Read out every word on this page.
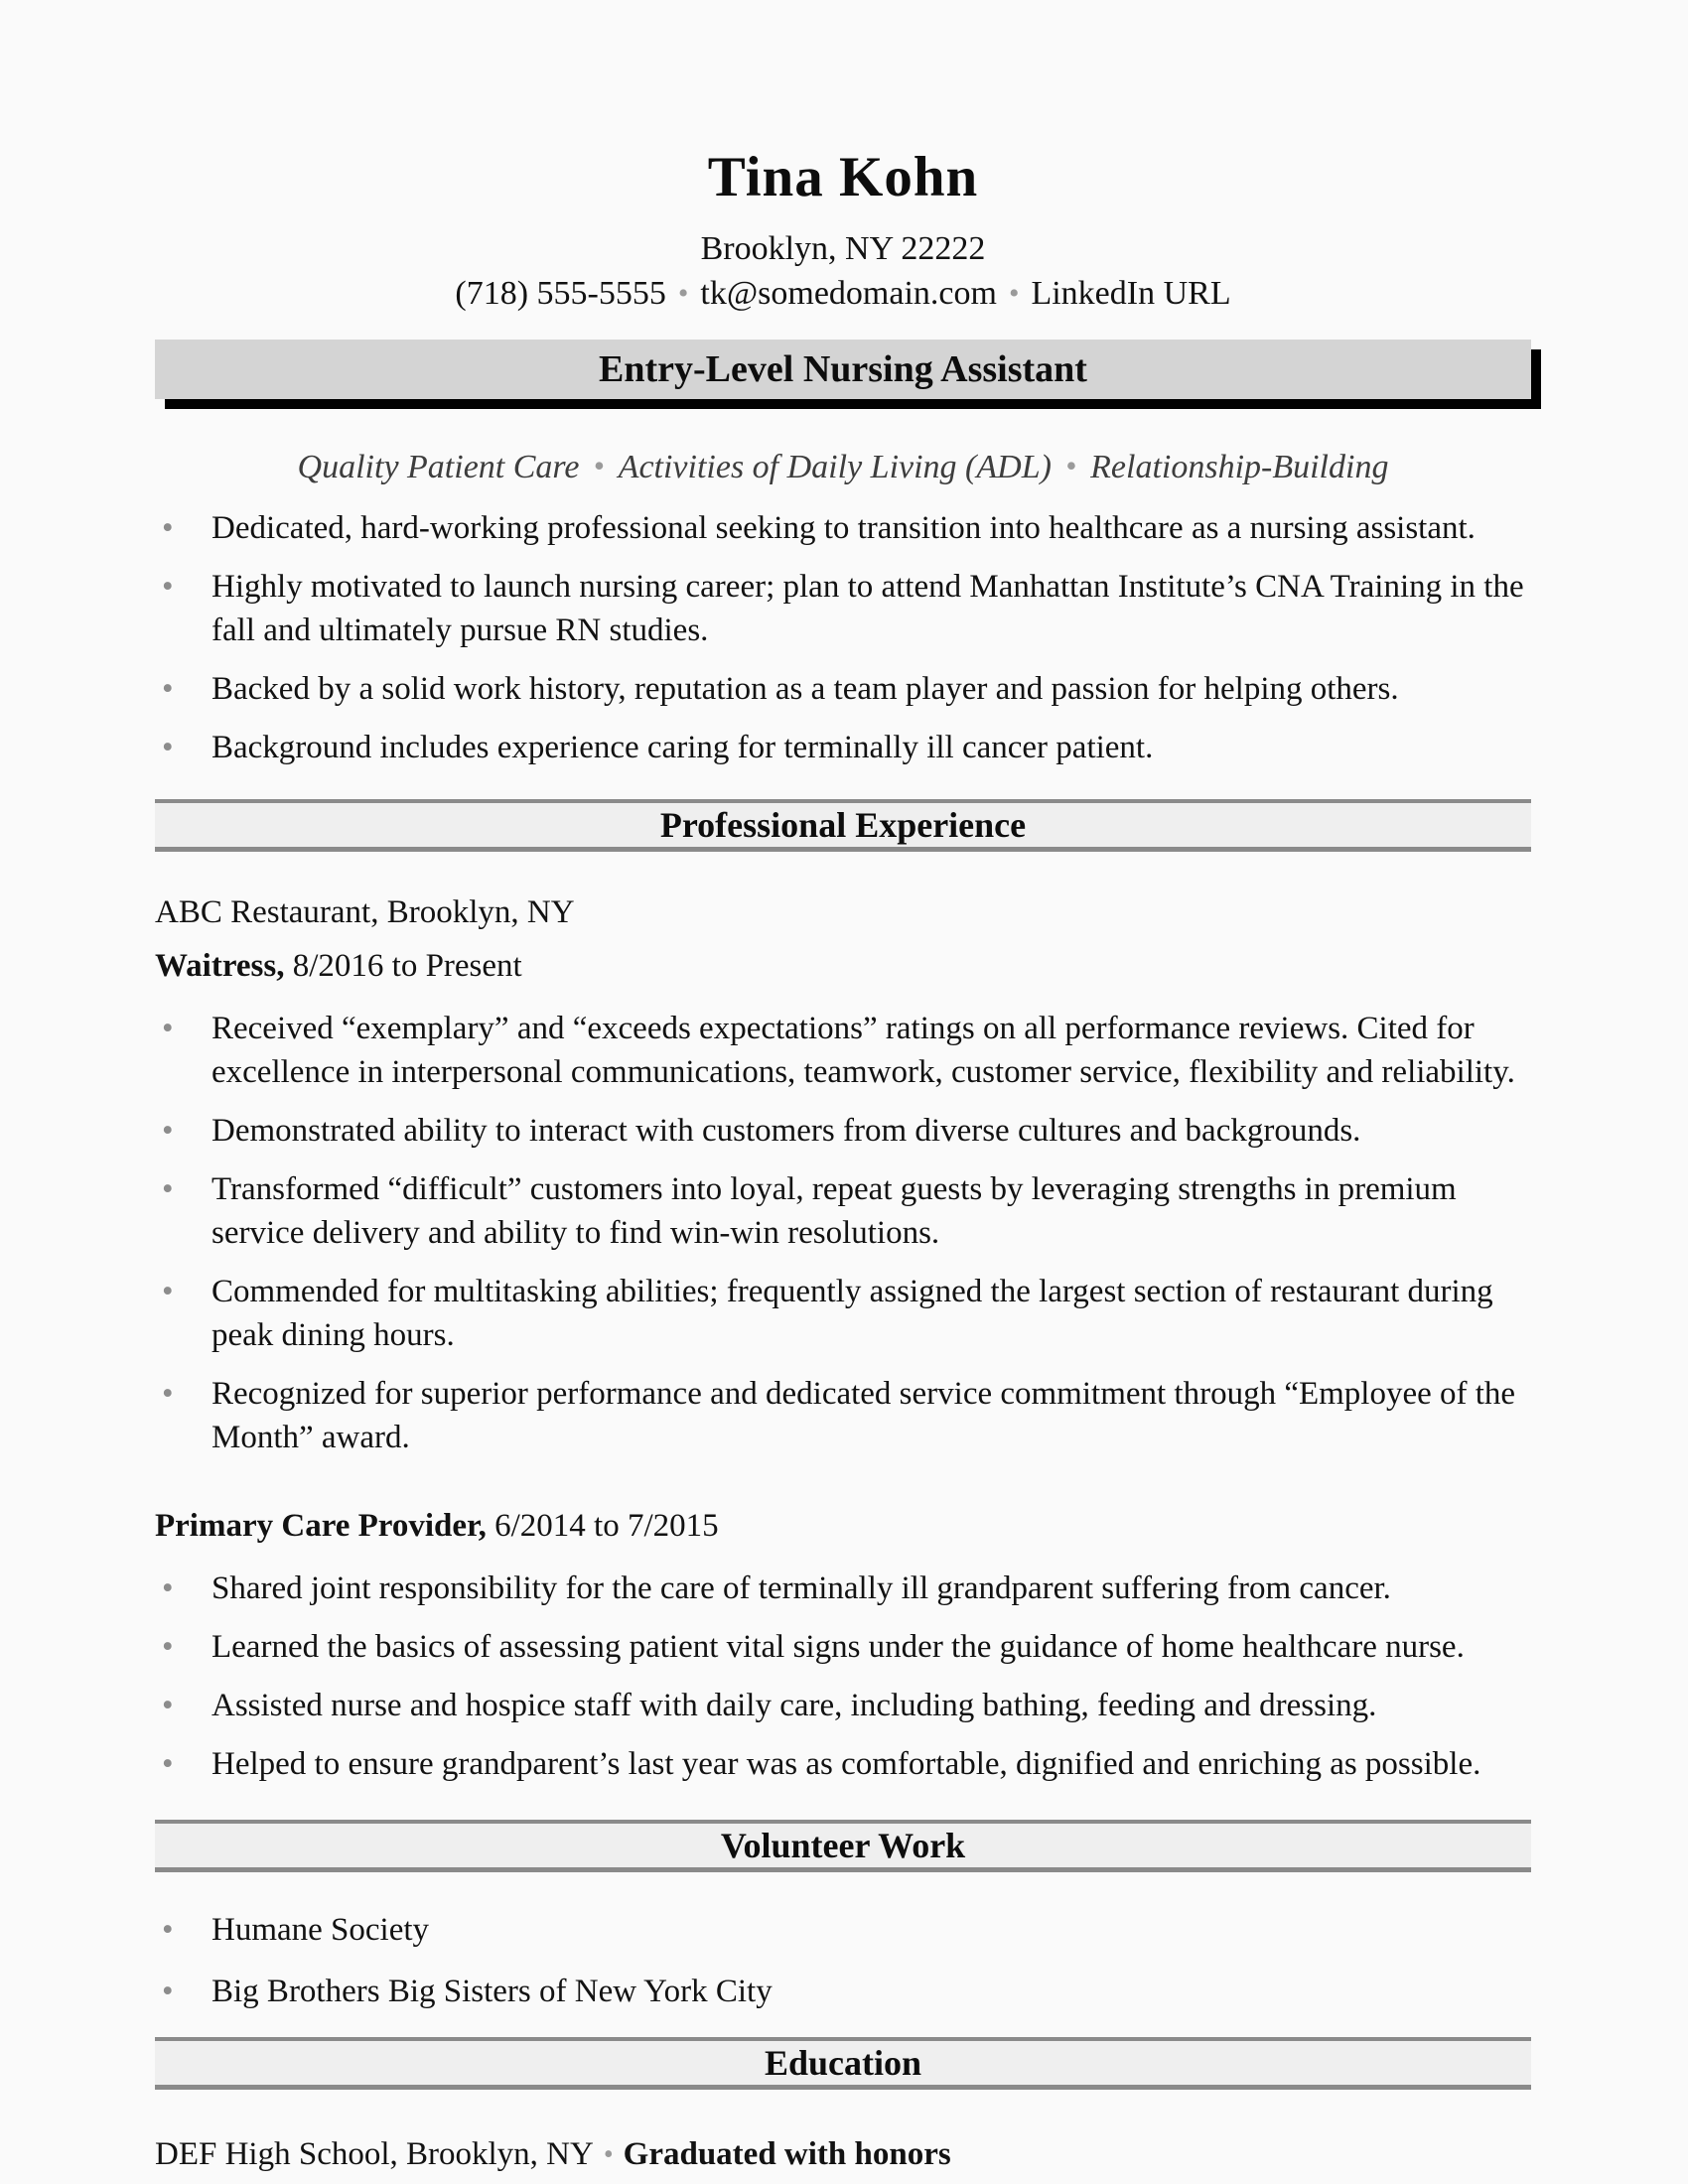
Tina Kohn
Brooklyn, NY 22222
(718) 555-5555 • tk@somedomain.com • LinkedIn URL
Entry-Level Nursing Assistant
Quality Patient Care • Activities of Daily Living (ADL) • Relationship-Building
• Dedicated, hard-working professional seeking to transition into healthcare as a nursing assistant.
• Highly motivated to launch nursing career; plan to attend Manhattan Institute’s CNA Training in the fall and ultimately pursue RN studies.
• Backed by a solid work history, reputation as a team player and passion for helping others.
• Background includes experience caring for terminally ill cancer patient.
Professional Experience
ABC Restaurant, Brooklyn, NY
Waitress, 8/2016 to Present
• Received “exemplary” and “exceeds expectations” ratings on all performance reviews. Cited for excellence in interpersonal communications, teamwork, customer service, flexibility and reliability.
• Demonstrated ability to interact with customers from diverse cultures and backgrounds.
• Transformed “difficult” customers into loyal, repeat guests by leveraging strengths in premium service delivery and ability to find win-win resolutions.
• Commended for multitasking abilities; frequently assigned the largest section of restaurant during peak dining hours.
• Recognized for superior performance and dedicated service commitment through “Employee of the Month” award.
Primary Care Provider, 6/2014 to 7/2015
• Shared joint responsibility for the care of terminally ill grandparent suffering from cancer.
• Learned the basics of assessing patient vital signs under the guidance of home healthcare nurse.
• Assisted nurse and hospice staff with daily care, including bathing, feeding and dressing.
• Helped to ensure grandparent’s last year was as comfortable, dignified and enriching as possible.
Volunteer Work
• Humane Society
• Big Brothers Big Sisters of New York City
Education
DEF High School, Brooklyn, NY • Graduated with honors
